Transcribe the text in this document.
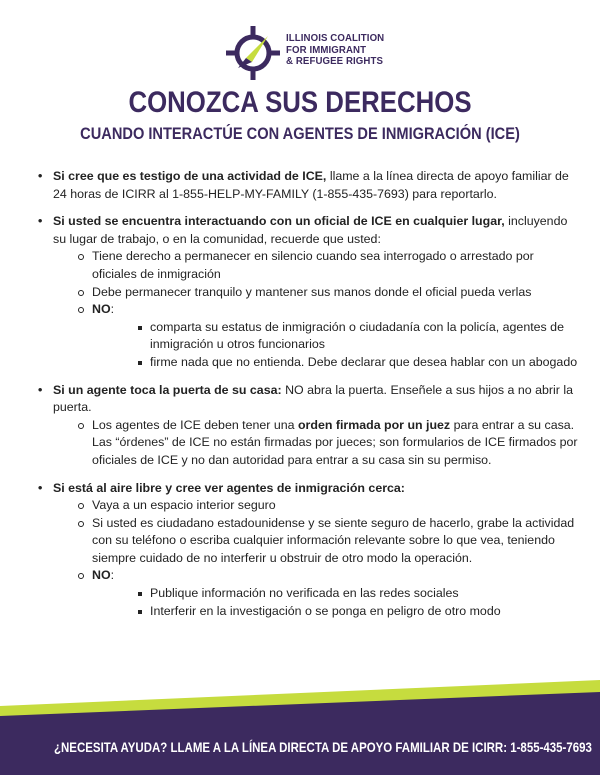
ILLINOIS COALITION
FOR IMMIGRANT
& REFUGEE RIGHTS
CONOZCA SUS DERECHOS
CUANDO INTERACTÚE CON AGENTES DE INMIGRACIÓN (ICE)
• Si cree que es testigo de una actividad de ICE, llame a la línea directa de apoyo familiar de 24 horas de ICIRR al 1-855-HELP-MY-FAMILY (1-855-435-7693) para reportarlo.
• Si usted se encuentra interactuando con un oficial de ICE en cualquier lugar, incluyendo su lugar de trabajo, o en la comunidad, recuerde que usted:
Tiene derecho a permanecer en silencio cuando sea interrogado o arrestado por oficiales de inmigración
Debe permanecer tranquilo y mantener sus manos donde el oficial pueda verlas
NO:
comparta su estatus de inmigración o ciudadanía con la policía, agentes de inmigración u otros funcionarios
firme nada que no entienda. Debe declarar que desea hablar con un abogado
• Si un agente toca la puerta de su casa: NO abra la puerta. Enseñele a sus hijos a no abrir la puerta.
Los agentes de ICE deben tener una orden firmada por un juez para entrar a su casa. Las “órdenes” de ICE no están firmadas por jueces; son formularios de ICE firmados por oficiales de ICE y no dan autoridad para entrar a su casa sin su permiso.
• Si está al aire libre y cree ver agentes de inmigración cerca:
Vaya a un espacio interior seguro
Si usted es ciudadano estadounidense y se siente seguro de hacerlo, grabe la actividad con su teléfono o escriba cualquier información relevante sobre lo que vea, teniendo siempre cuidado de no interferir u obstruir de otro modo la operación.
NO:
Publique información no verificada en las redes sociales
Interferir en la investigación o se ponga en peligro de otro modo
¿NECESITA AYUDA? LLAME A LA LÍNEA DIRECTA DE APOYO FAMILIAR DE ICIRR: 1-855-435-7693
